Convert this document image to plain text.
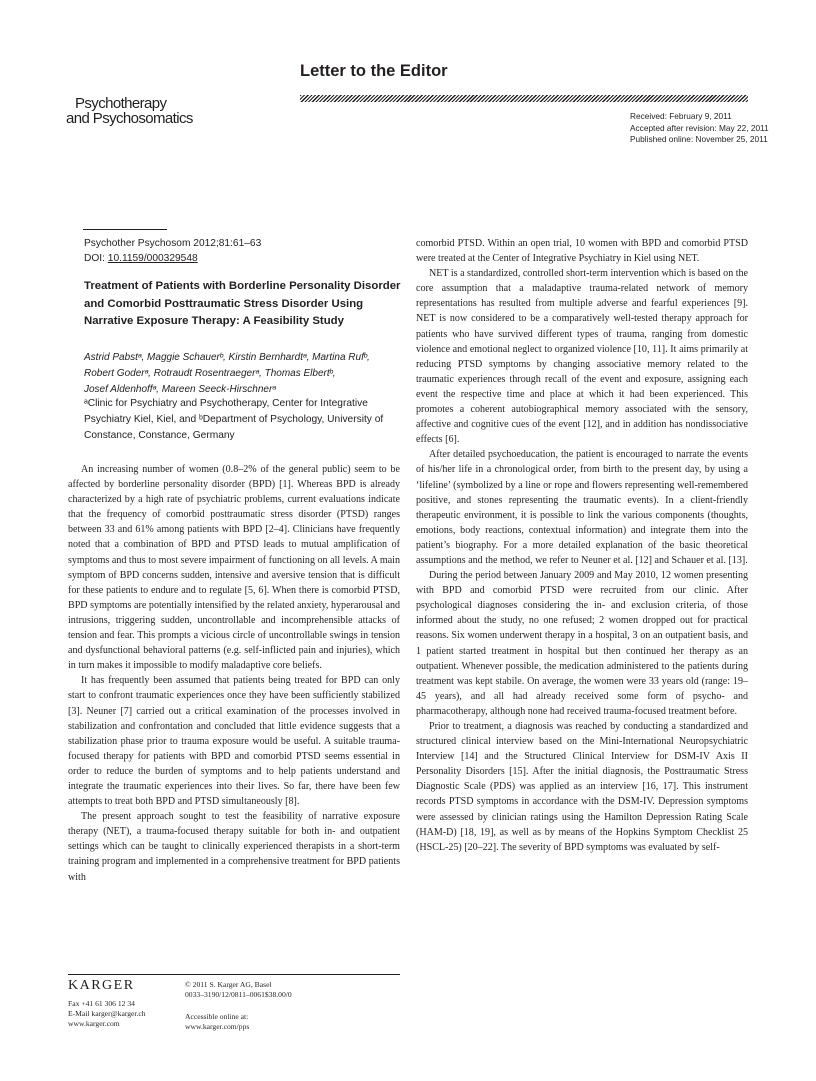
Letter to the Editor
Psychotherapy
and Psychosomatics	Received: February 9, 2011
Accepted after revision: May 22, 2011
Published online: November 25, 2011
Psychother Psychosom 2012;81:61–63
DOI: 10.1159/000329548
Treatment of Patients with Borderline Personality Disorder and Comorbid Posttraumatic Stress Disorder Using Narrative Exposure Therapy: A Feasibility Study
Astrid Pabstᵃ, Maggie Schauerᵇ, Kirstin Bernhardtᵃ, Martina Rufᵇ,
Robert Goderᵃ, Rotraudt Rosentraegerᵃ, Thomas Elbertᵇ,
Josef Aldenhoffᵃ, Mareen Seeck-Hirschnerᵃ
ᵃClinic for Psychiatry and Psychotherapy, Center for Integrative Psychiatry Kiel, Kiel, and ᵇDepartment of Psychology, University of Constance, Constance, Germany

An increasing number of women (0.8–2% of the general public) seem to be affected by borderline personality disorder (BPD) [1]. Whereas BPD is already characterized by a high rate of psychiatric problems, current evaluations indicate that the frequency of comorbid posttraumatic stress disorder (PTSD) ranges between 33 and 61% among patients with BPD [2–4]. Clinicians have frequently noted that a combination of BPD and PTSD leads to mutual amplification of symptoms and thus to most severe impairment of functioning on all levels. A main symptom of BPD concerns sudden, intensive and aversive tension that is difficult for these patients to endure and to regulate [5, 6]. When there is comorbid PTSD, BPD symptoms are potentially intensified by the related anxiety, hyperarousal and intrusions, triggering sudden, uncontrollable and incomprehensible attacks of tension and fear. This prompts a vicious circle of uncontrollable swings in tension and dysfunctional behavioral patterns (e.g. self-inflicted pain and injuries), which in turn makes it impossible to modify maladaptive core beliefs.

It has frequently been assumed that patients being treated for BPD can only start to confront traumatic experiences once they have been sufficiently stabilized [3]. Neuner [7] carried out a critical examination of the processes involved in stabilization and confrontation and concluded that little evidence suggests that a stabilization phase prior to trauma exposure would be useful. A suitable trauma-focused therapy for patients with BPD and comorbid PTSD seems essential in order to reduce the burden of symptoms and to help patients understand and integrate the traumatic experiences into their lives. So far, there have been few attempts to treat both BPD and PTSD simultaneously [8].

The present approach sought to test the feasibility of narrative exposure therapy (NET), a trauma-focused therapy suitable for both in- and outpatient settings which can be taught to clinically experienced therapists in a short-term training program and implemented in a comprehensive treatment for BPD patients with

comorbid PTSD. Within an open trial, 10 women with BPD and comorbid PTSD were treated at the Center of Integrative Psychiatry in Kiel using NET.

NET is a standardized, controlled short-term intervention which is based on the core assumption that a maladaptive trauma-related network of memory representations has resulted from multiple adverse and fearful experiences [9]. NET is now considered to be a comparatively well-tested therapy approach for patients who have survived different types of trauma, ranging from domestic violence and emotional neglect to organized violence [10, 11]. It aims primarily at reducing PTSD symptoms by changing associative memory related to the traumatic experiences through recall of the event and exposure, assigning each event the respective time and place at which it had been experienced. This promotes a coherent autobiographical memory associated with the sensory, affective and cognitive cues of the event [12], and in addition has nondissociative effects [6].

After detailed psychoeducation, the patient is encouraged to narrate the events of his/her life in a chronological order, from birth to the present day, by using a ‘lifeline’ (symbolized by a line or rope and flowers representing well-remembered positive, and stones representing the traumatic events). In a client-friendly therapeutic environment, it is possible to link the various components (thoughts, emotions, body reactions, contextual information) and integrate them into the patient’s biography. For a more detailed explanation of the basic theoretical assumptions and the method, we refer to Neuner et al. [12] and Schauer et al. [13].

During the period between January 2009 and May 2010, 12 women presenting with BPD and comorbid PTSD were recruited from our clinic. After psychological diagnoses considering the in- and exclusion criteria, of those informed about the study, no one refused; 2 women dropped out for practical reasons. Six women underwent therapy in a hospital, 3 on an outpatient basis, and 1 patient started treatment in hospital but then continued her therapy as an outpatient. Whenever possible, the medication administered to the patients during treatment was kept stabile. On average, the women were 33 years old (range: 19–45 years), and all had already received some form of psycho- and pharmacotherapy, although none had received trauma-focused treatment before.

Prior to treatment, a diagnosis was reached by conducting a standardized and structured clinical interview based on the Mini-International Neuropsychiatric Interview [14] and the Structured Clinical Interview for DSM-IV Axis II Personality Disorders [15]. After the initial diagnosis, the Posttraumatic Stress Diagnostic Scale (PDS) was applied as an interview [16, 17]. This instrument records PTSD symptoms in accordance with the DSM-IV. Depression symptoms were assessed by clinician ratings using the Hamilton Depression Rating Scale (HAM-D) [18, 19], as well as by means of the Hopkins Symptom Checklist 25 (HSCL-25) [20–22]. The severity of BPD symptoms was evaluated by self-

KARGER
Fax +41 61 306 12 34
E-Mail karger@karger.ch
www.karger.com
© 2011 S. Karger AG, Basel
0033–3190/12/0811–0061$38.00/0
Accessible online at:
www.karger.com/pps
